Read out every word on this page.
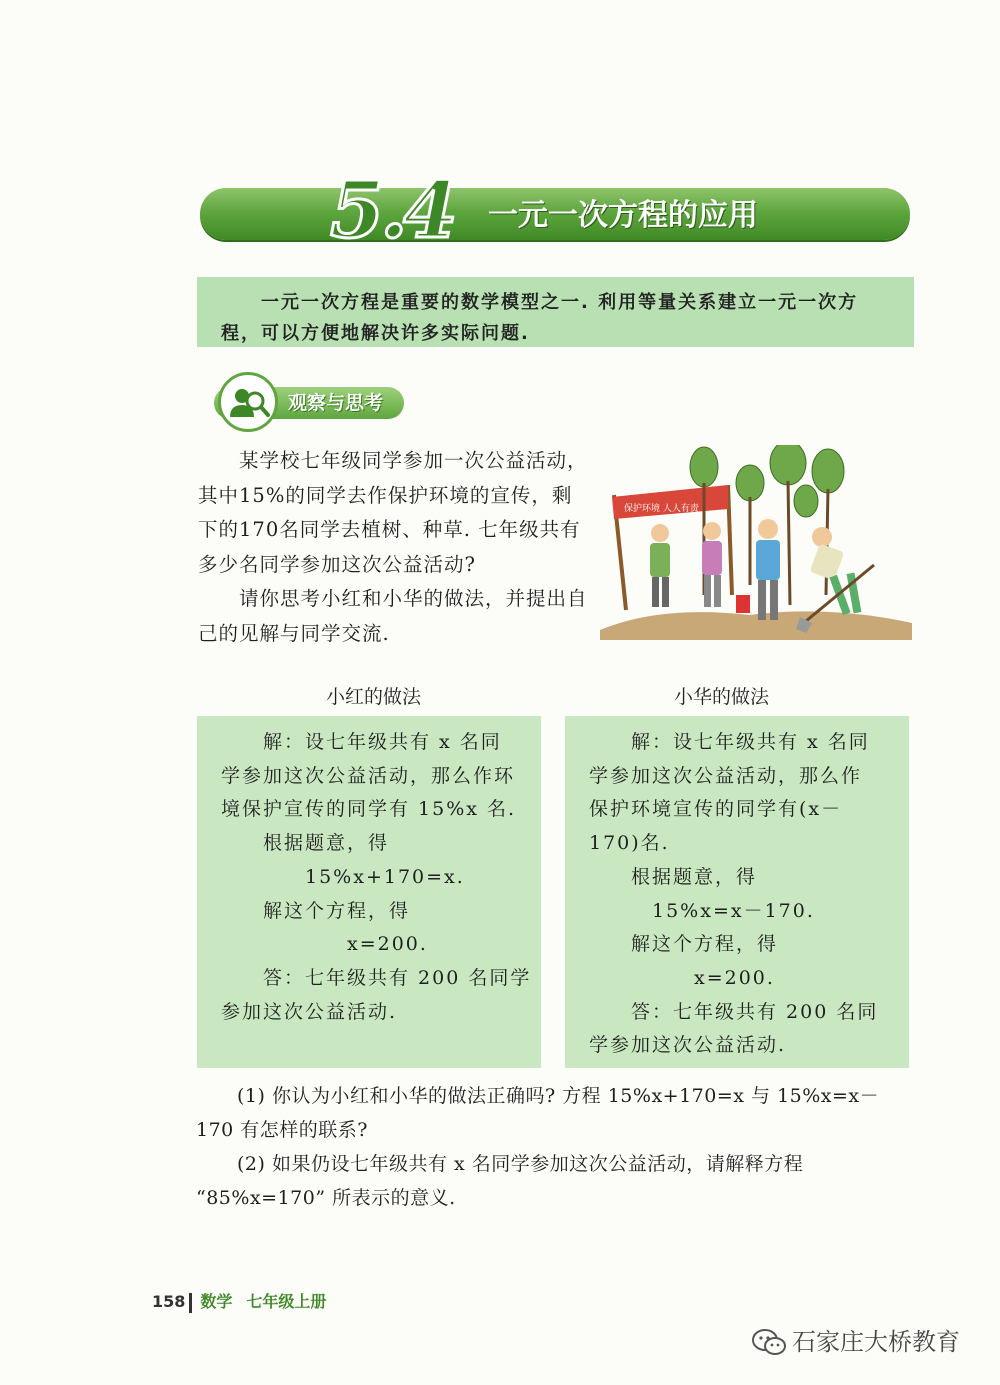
5.4 一元一次方程的应用

一元一次方程是重要的数学模型之一. 利用等量关系建立一元一次方程，可以方便地解决许多实际问题.

观察与思考

某学校七年级同学参加一次公益活动，其中15%的同学去作保护环境的宣传，剩下的170名同学去植树、种草. 七年级共有多少名同学参加这次公益活动?

请你思考小红和小华的做法，并提出自己的见解与同学交流.

保护环境 人人有责
小红的做法	小华的做法
　　解：设七年级共有 x 名同
学参加这次公益活动，那么作环
境保护宣传的同学有 15%x 名.
　　根据题意，得
　　　　15%x+170=x.
　　解这个方程，得
　　　　　　x=200.
　　答：七年级共有 200 名同学
参加这次公益活动.
　　解：设七年级共有 x 名同
学参加这次公益活动，那么作
保护环境宣传的同学有(x－
170)名.
　　根据题意，得
　　　15%x=x－170.
　　解这个方程，得
　　　　　x=200.
　　答：七年级共有 200 名同
学参加这次公益活动.

(1) 你认为小红和小华的做法正确吗? 方程 15%x+170=x 与 15%x=x－170 有怎样的联系?

(2) 如果仍设七年级共有 x 名同学参加这次公益活动，请解释方程 “85%x=170” 所表示的意义.

158 数学 七年级上册
石家庄大桥教育
